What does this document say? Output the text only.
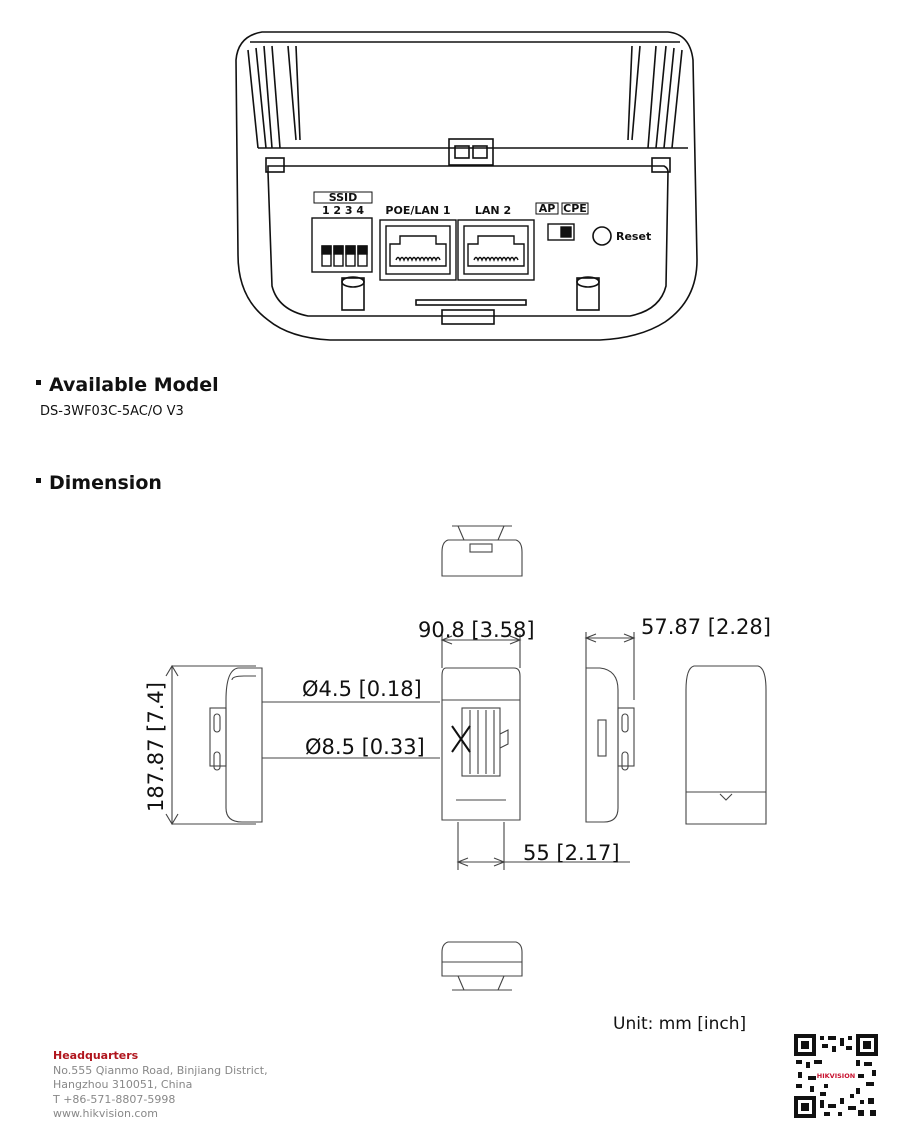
SSID
1 2 3 4 POE/LAN 1 LAN 2	AP CPE
Reset
Available Model
DS-3WF03C-5AC/O V3
Dimension
90.8 [3.58]	57.87 [2.28]
Ø4.5 [0.18]
Ø8.5 [0.33]
187.87 [7.4]
55 [2.17]
Unit: mm [inch]
Headquarters
No.555 Qianmo Road, Binjiang District,
Hangzhou 310051, China
T +86-571-8807-5998
www.hikvision.com
HIKVISION
